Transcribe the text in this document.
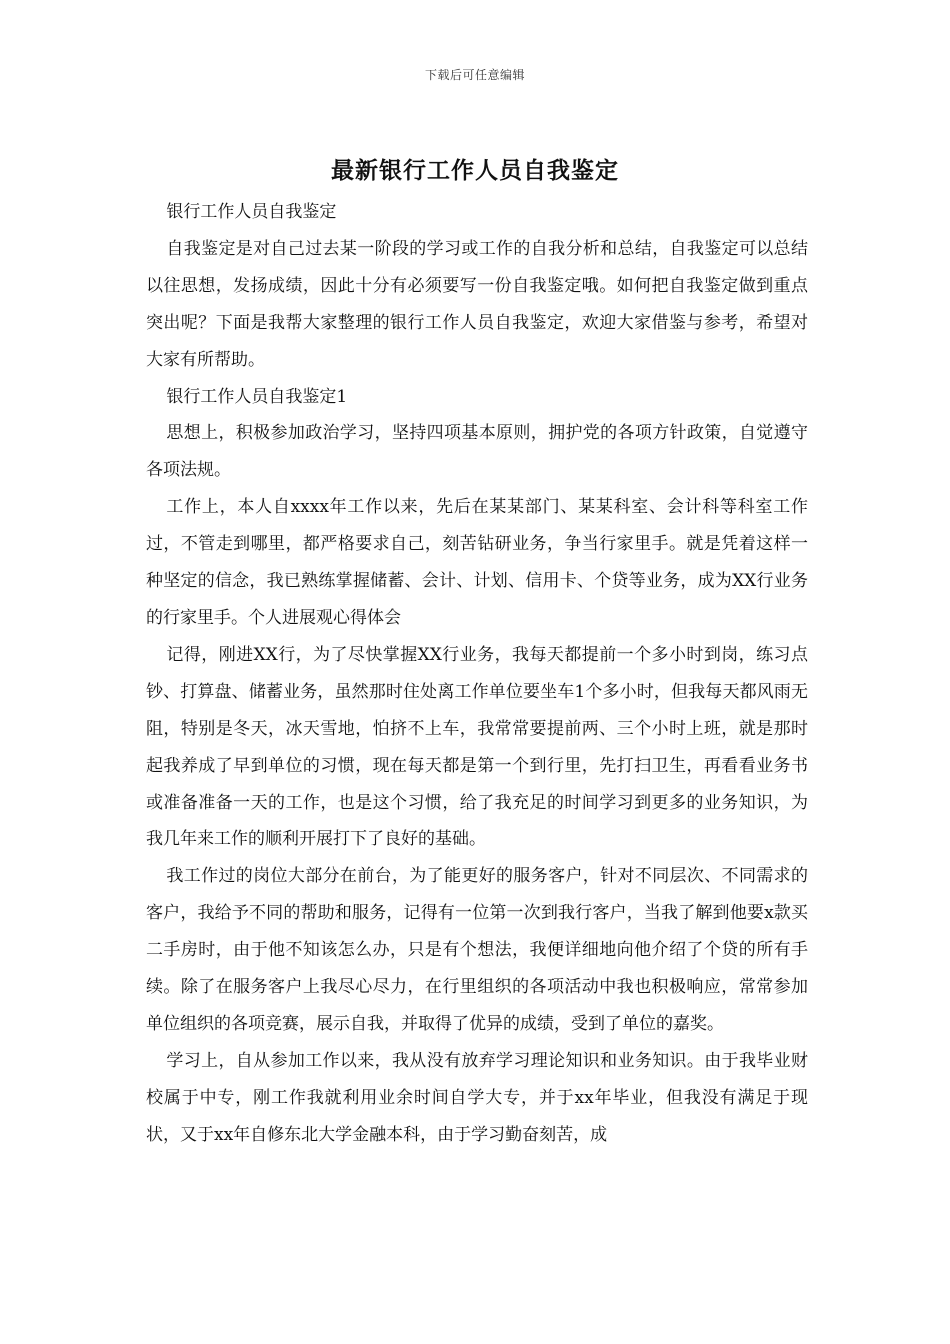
下载后可任意编辑
最新银行工作人员自我鉴定

银行工作人员自我鉴定

自我鉴定是对自己过去某一阶段的学习或工作的自我分析和总结，自我鉴定可以总结以往思想，发扬成绩，因此十分有必须要写一份自我鉴定哦。如何把自我鉴定做到重点突出呢？下面是我帮大家整理的银行工作人员自我鉴定，欢迎大家借鉴与参考，希望对大家有所帮助。

银行工作人员自我鉴定1

思想上，积极参加政治学习，坚持四项基本原则，拥护党的各项方针政策，自觉遵守各项法规。

工作上，本人自xxxx年工作以来，先后在某某部门、某某科室、会计科等科室工作过，不管走到哪里，都严格要求自己，刻苦钻研业务，争当行家里手。就是凭着这样一种坚定的信念，我已熟练掌握储蓄、会计、计划、信用卡、个贷等业务，成为XX行业务的行家里手。个人进展观心得体会

记得，刚进XX行，为了尽快掌握XX行业务，我每天都提前一个多小时到岗，练习点钞、打算盘、储蓄业务，虽然那时住处离工作单位要坐车1个多小时，但我每天都风雨无阻，特别是冬天，冰天雪地，怕挤不上车，我常常要提前两、三个小时上班，就是那时起我养成了早到单位的习惯，现在每天都是第一个到行里，先打扫卫生，再看看业务书或准备准备一天的工作，也是这个习惯，给了我充足的时间学习到更多的业务知识，为我几年来工作的顺利开展打下了良好的基础。

我工作过的岗位大部分在前台，为了能更好的服务客户，针对不同层次、不同需求的客户，我给予不同的帮助和服务，记得有一位第一次到我行客户，当我了解到他要x款买二手房时，由于他不知该怎么办，只是有个想法，我便详细地向他介绍了个贷的所有手续。除了在服务客户上我尽心尽力，在行里组织的各项活动中我也积极响应，常常参加单位组织的各项竞赛，展示自我，并取得了优异的成绩，受到了单位的嘉奖。

学习上，自从参加工作以来，我从没有放弃学习理论知识和业务知识。由于我毕业财校属于中专，刚工作我就利用业余时间自学大专，并于xx年毕业，但我没有满足于现状，又于xx年自修东北大学金融本科，由于学习勤奋刻苦，成
